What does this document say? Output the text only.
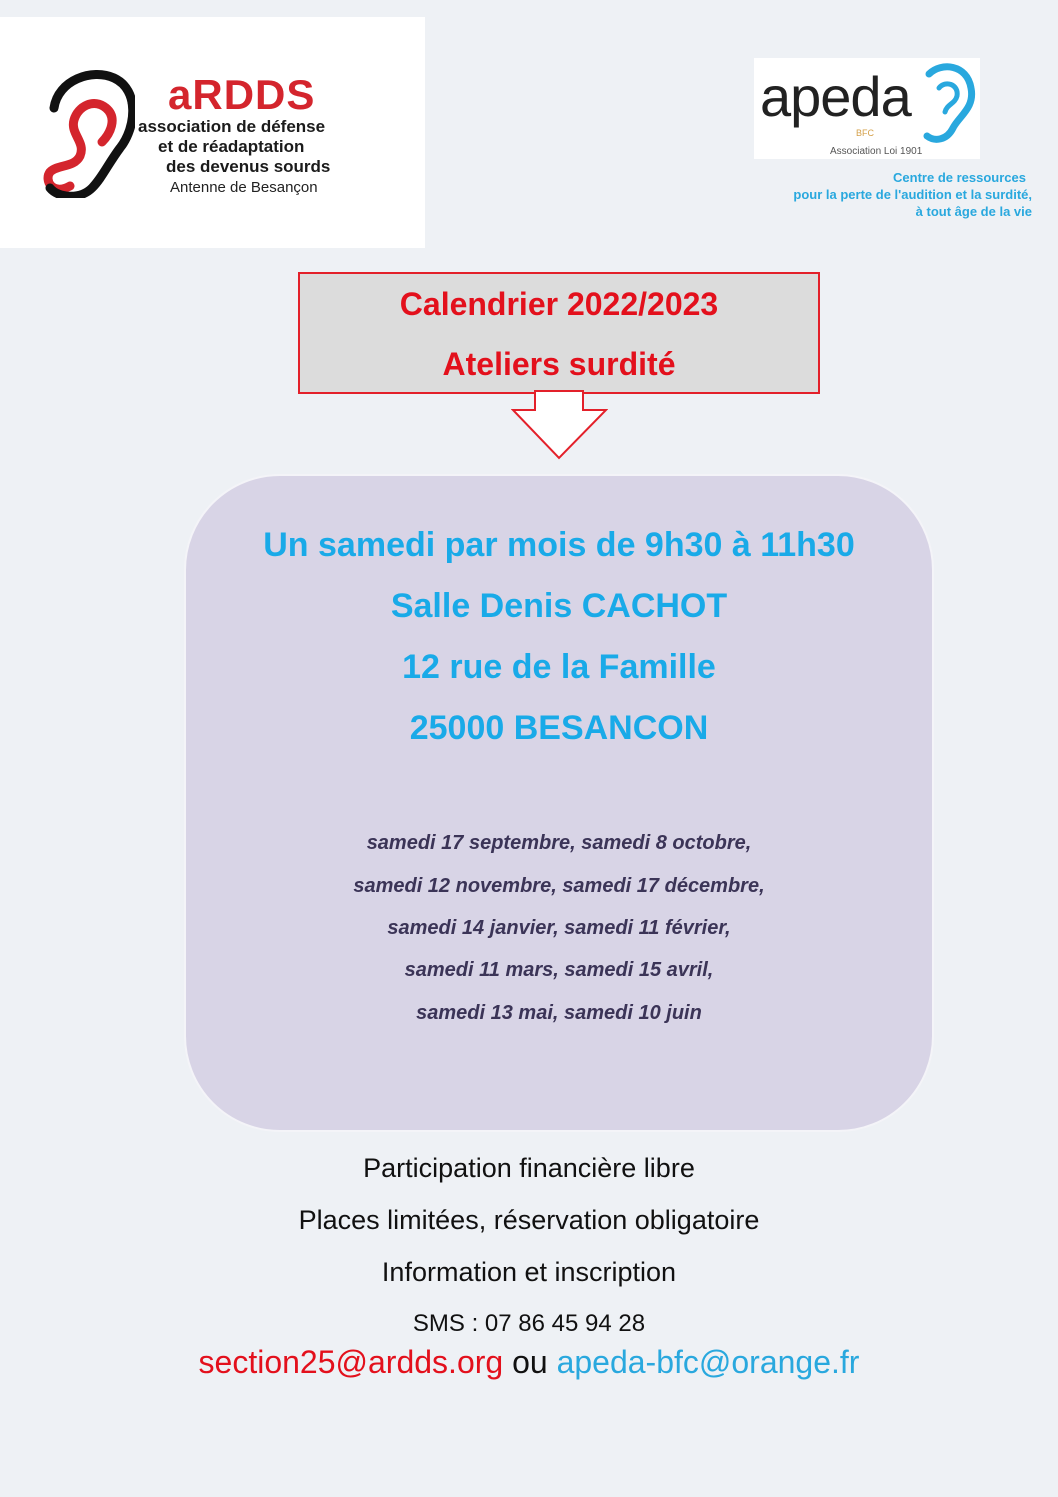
aRDDS
association de défense
et de réadaptation
des devenus sourds
Antenne de Besançon
apeda
BFC
Association Loi 1901
Centre de ressources
pour la perte de l'audition et la surdité,
à tout âge de la vie
Calendrier 2022/2023
Ateliers surdité
Un samedi par mois de 9h30 à 11h30
Salle Denis CACHOT
12 rue de la Famille
25000 BESANCON
samedi 17 septembre, samedi 8 octobre,
samedi 12 novembre, samedi 17 décembre,
samedi 14 janvier, samedi 11 février,
samedi 11 mars, samedi 15 avril,
samedi 13 mai, samedi 10 juin
Participation financière libre
Places limitées, réservation obligatoire
Information et inscription
SMS : 07 86 45 94 28
section25@ardds.org ou apeda-bfc@orange.fr
